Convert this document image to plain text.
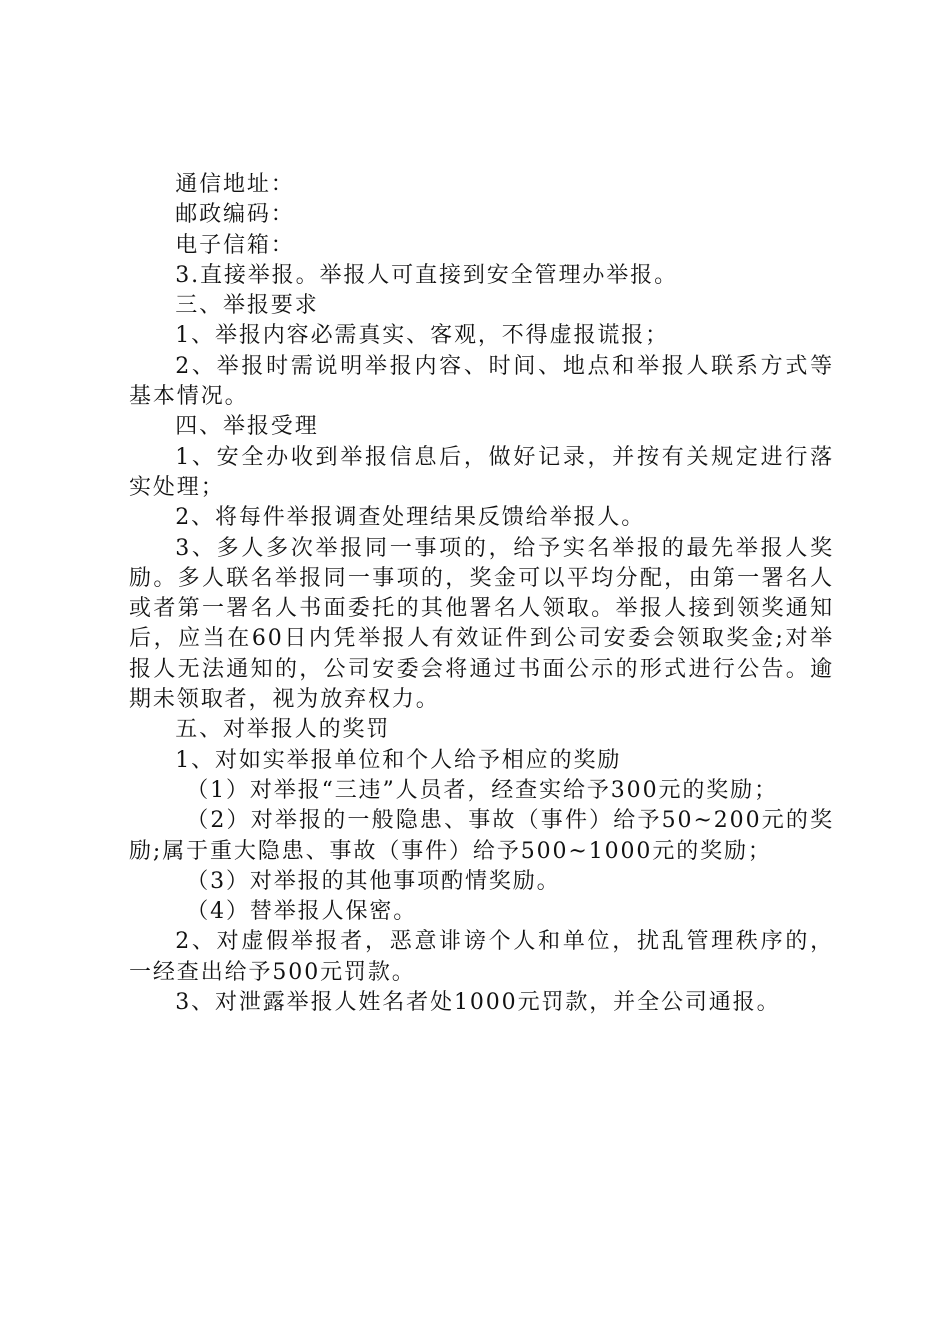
通信地址：

邮政编码：

电子信箱：

3.直接举报。举报人可直接到安全管理办举报。

三、举报要求

1、举报内容必需真实、客观，不得虚报谎报；

2、举报时需说明举报内容、时间、地点和举报人联系方式等基本情况。

四、举报受理

1、安全办收到举报信息后，做好记录，并按有关规定进行落实处理；

2、将每件举报调查处理结果反馈给举报人。

3、多人多次举报同一事项的，给予实名举报的最先举报人奖励。多人联名举报同一事项的，奖金可以平均分配，由第一署名人或者第一署名人书面委托的其他署名人领取。举报人接到领奖通知后，应当在60日内凭举报人有效证件到公司安委会领取奖金;对举报人无法通知的，公司安委会将通过书面公示的形式进行公告。逾期未领取者，视为放弃权力。

五、对举报人的奖罚

1、对如实举报单位和个人给予相应的奖励

（1）对举报“三违”人员者，经查实给予300元的奖励；

（2）对举报的一般隐患、事故（事件）给予50~200元的奖励;属于重大隐患、事故（事件）给予500~1000元的奖励；

（3）对举报的其他事项酌情奖励。

（4）替举报人保密。

2、对虚假举报者，恶意诽谤个人和单位，扰乱管理秩序的，一经查出给予500元罚款。

3、对泄露举报人姓名者处1000元罚款，并全公司通报。
